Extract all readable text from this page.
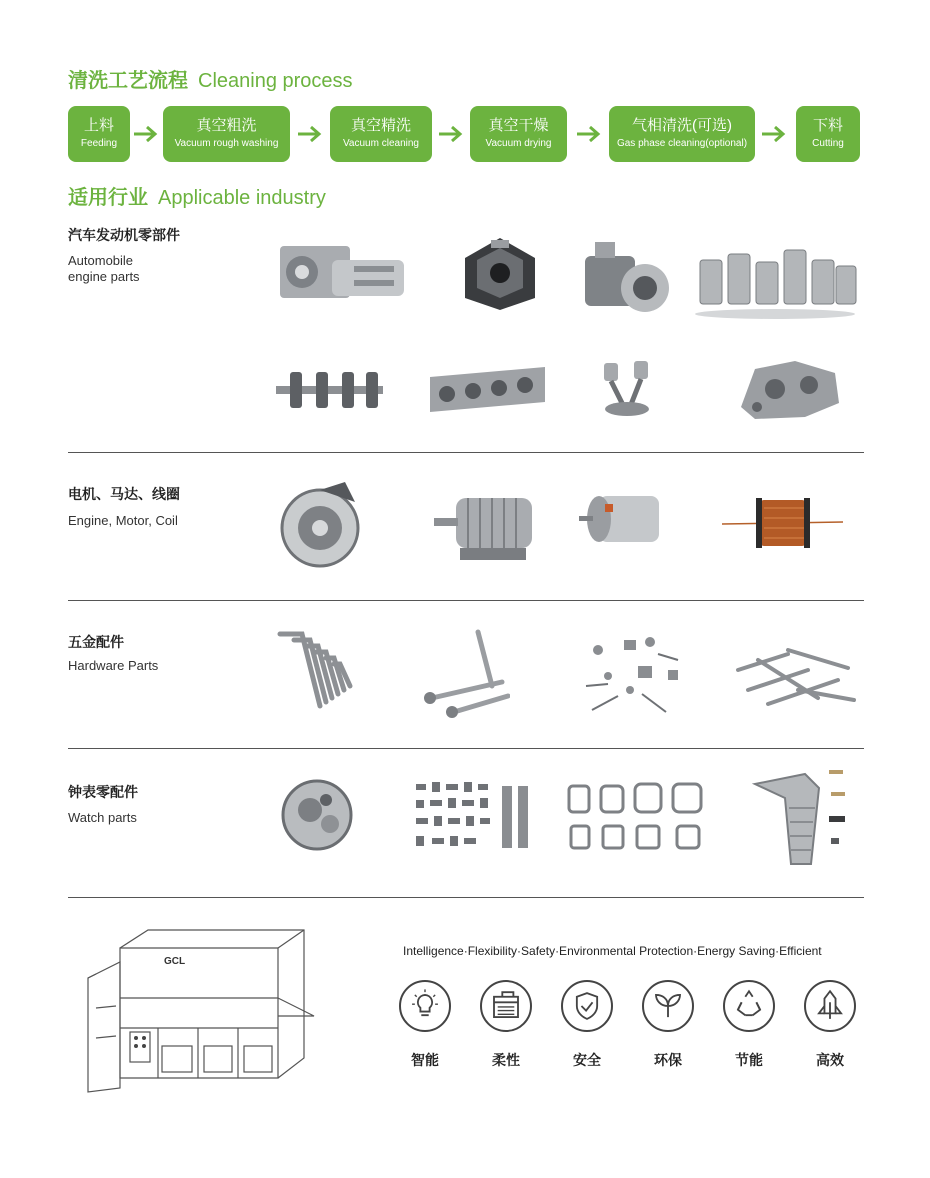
清洗工艺流程 Cleaning process
上料
Feeding
真空粗洗
Vacuum rough washing
真空精洗
Vacuum cleaning
真空干燥
Vacuum drying
气相清洗(可选)
Gas phase cleaning(optional)
下料
Cutting
适用行业 Applicable industry
汽车发动机零部件
Automobile
engine parts
电机、马达、线圈
Engine, Motor, Coil
五金配件
Hardware Parts
钟表零配件
Watch parts
GCL
Intelligence·Flexibility·Safety·Environmental Protection·Energy Saving·Efficient
智能	柔性	安全	环保	节能	高效
